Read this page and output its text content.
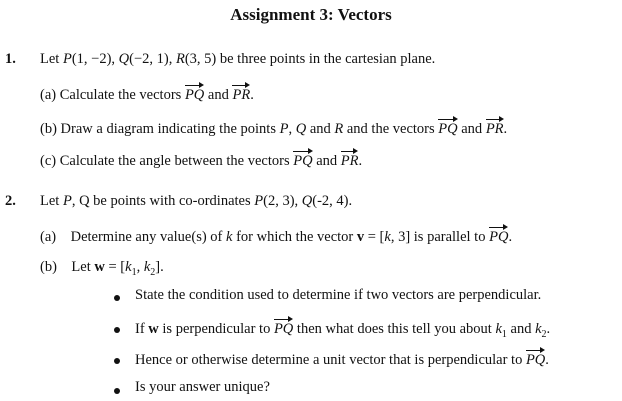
Assignment 3: Vectors
1. Let P(1, −2), Q(−2, 1), R(3, 5) be three points in the cartesian plane.
(a) Calculate the vectors PQ and PR.
(b) Draw a diagram indicating the points P, Q and R and the vectors PQ and PR.
(c) Calculate the angle between the vectors PQ and PR.
2. Let P, Q be points with co-ordinates P(2, 3), Q(-2, 4).
(a) Determine any value(s) of k for which the vector v = [k, 3] is parallel to PQ.
(b) Let $w = [k_1$, $k_2$].
State the condition used to determine if two vectors are perpendicular.
If w is perpendicular to PQ then what does this tell you about $k_1$ and $k_2$.
Hence or otherwise determine a unit vector that is perpendicular to PQ.
Is your answer unique?
